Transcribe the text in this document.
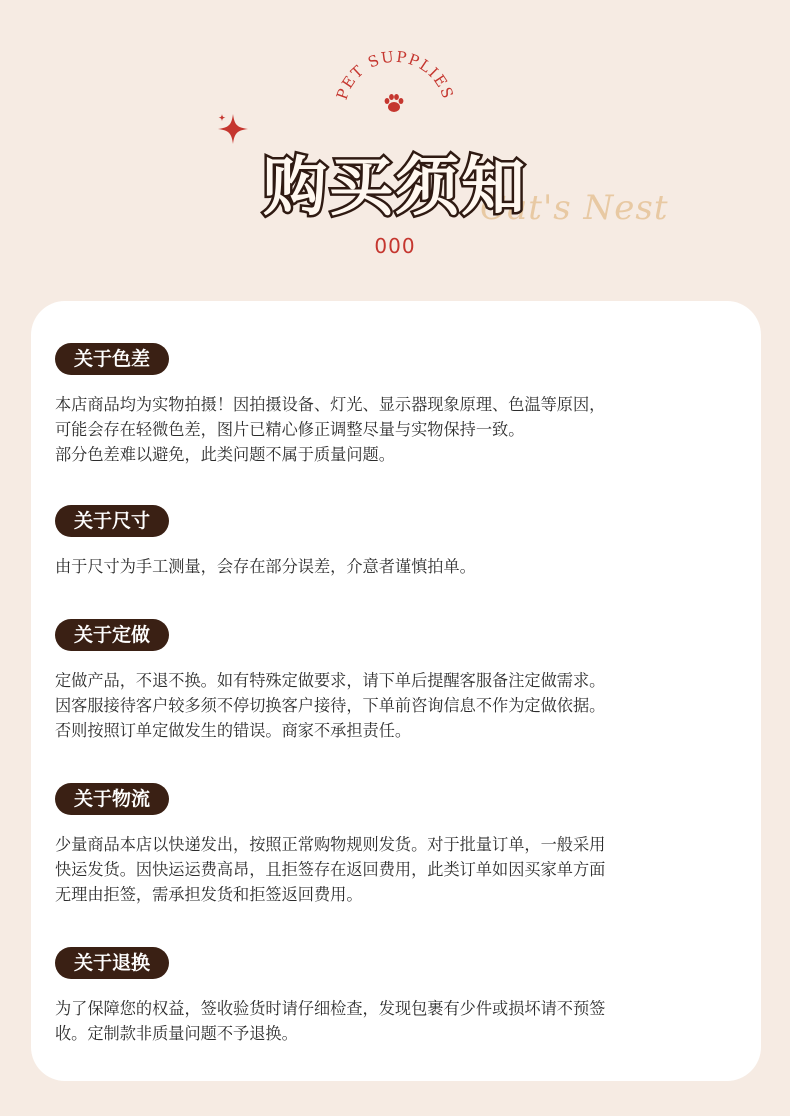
PET SUPPLIES
Cat's Nest
购买须知
000
关于色差
本店商品均为实物拍摄！因拍摄设备、灯光、显示器现象原理、色温等原因，
可能会存在轻微色差，图片已精心修正调整尽量与实物保持一致。
部分色差难以避免，此类问题不属于质量问题。
关于尺寸
由于尺寸为手工测量，会存在部分误差，介意者谨慎拍单。
关于定做
定做产品，不退不换。如有特殊定做要求，请下单后提醒客服备注定做需求。
因客服接待客户较多须不停切换客户接待，下单前咨询信息不作为定做依据。
否则按照订单定做发生的错误。商家不承担责任。
关于物流
少量商品本店以快递发出，按照正常购物规则发货。对于批量订单，一般采用
快运发货。因快运运费高昂，且拒签存在返回费用，此类订单如因买家单方面
无理由拒签，需承担发货和拒签返回费用。
关于退换
为了保障您的权益，签收验货时请仔细检查，发现包裹有少件或损坏请不预签
收。定制款非质量问题不予退换。
